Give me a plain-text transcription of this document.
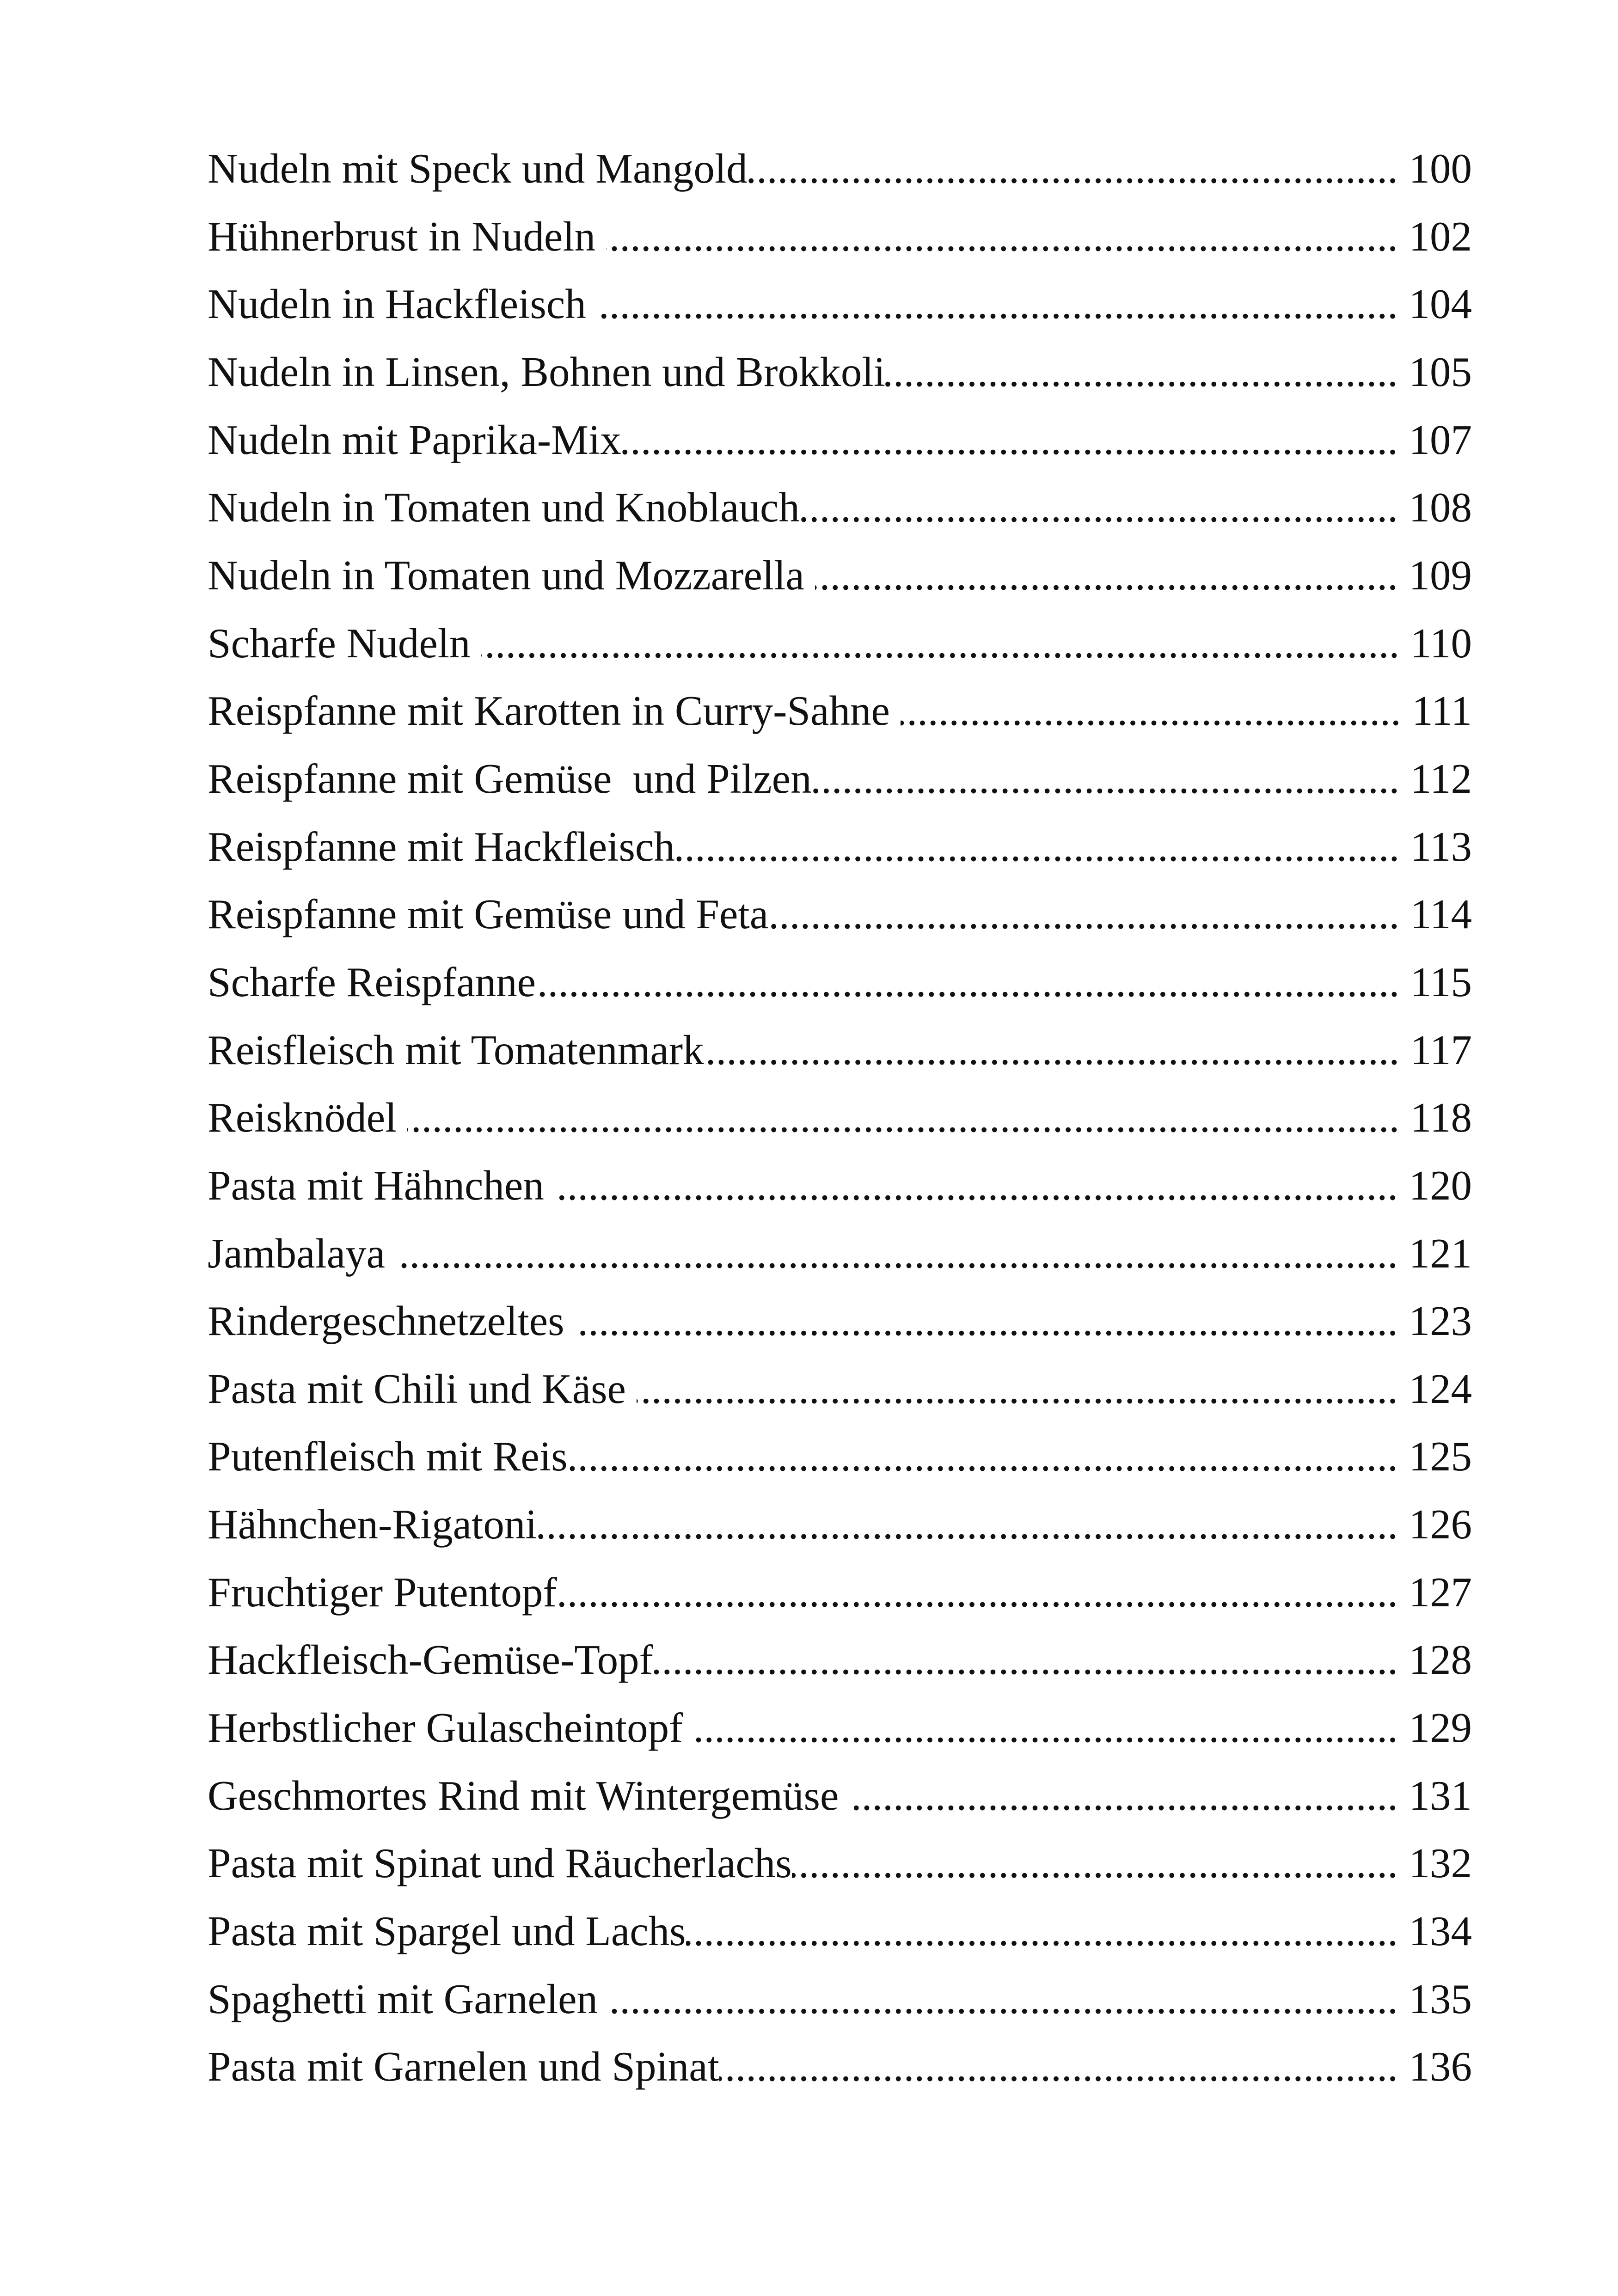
Nudeln mit Speck und Mangold .....	100
Hühnerbrust in Nudeln .....	102
Nudeln in Hackfleisch .....	104
Nudeln in Linsen, Bohnen und Brokkoli .....	105
Nudeln mit Paprika-Mix .....	107
Nudeln in Tomaten und Knoblauch .....	108
Nudeln in Tomaten und Mozzarella .....	109
Scharfe Nudeln .....	110
Reispfanne mit Karotten in Curry-Sahne .....	111
Reispfanne mit Gemüse  und Pilzen .....	112
Reispfanne mit Hackfleisch .....	113
Reispfanne mit Gemüse und Feta .....	114
Scharfe Reispfanne .....	115
Reisfleisch mit Tomatenmark .....	117
Reisknödel .....	118
Pasta mit Hähnchen .....	120
Jambalaya .....	121
Rindergeschnetzeltes .....	123
Pasta mit Chili und Käse .....	124
Putenfleisch mit Reis .....	125
Hähnchen-Rigatoni .....	126
Fruchtiger Putentopf .....	127
Hackfleisch-Gemüse-Topf .....	128
Herbstlicher Gulascheintopf .....	129
Geschmortes Rind mit Wintergemüse .....	131
Pasta mit Spinat und Räucherlachs .....	132
Pasta mit Spargel und Lachs .....	134
Spaghetti mit Garnelen .....	135
Pasta mit Garnelen und Spinat .....	136
